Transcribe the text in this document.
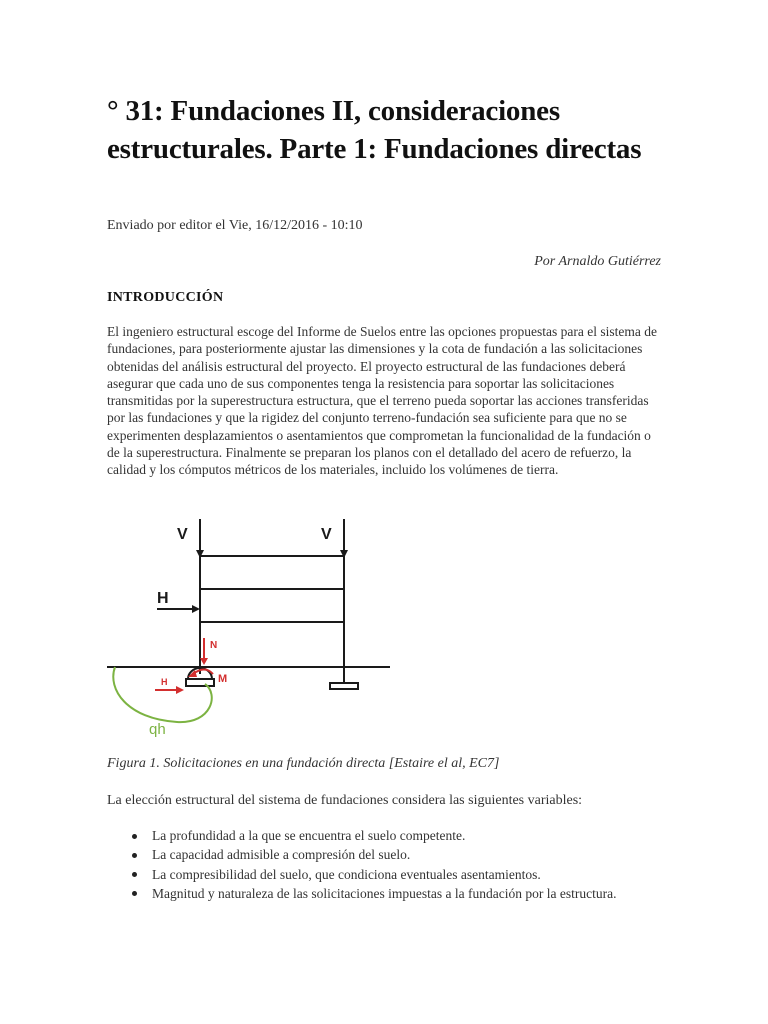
° 31: Fundaciones II, consideraciones estructurales. Parte 1: Fundaciones directas

Enviado por editor el Vie, 16/12/2016 - 10:10

Por Arnaldo Gutiérrez

INTRODUCCIÓN

El ingeniero estructural escoge del Informe de Suelos entre las opciones propuestas para el sistema de fundaciones, para posteriormente ajustar las dimensiones y la cota de fundación a las solicitaciones obtenidas del análisis estructural del proyecto. El proyecto estructural de las fundaciones deberá asegurar que cada uno de sus componentes tenga la resistencia para soportar las solicitaciones transmitidas por la superestructura estructura, que el terreno pueda soportar las acciones transferidas por las fundaciones y que la rigidez del conjunto terreno-fundación sea suficiente para que no se experimenten desplazamientos o asentamientos que comprometan la funcionalidad de la fundación o de la superestructura. Finalmente se preparan los planos con el detallado del acero de refuerzo, la calidad y los cómputos métricos de los materiales, incluido los volúmenes de tierra.

V	V
H
N
H	M
qh

Figura 1. Solicitaciones en una fundación directa [Estaire el al, EC7]

La elección estructural del sistema de fundaciones considera las siguientes variables:

La profundidad a la que se encuentra el suelo competente.
La capacidad admisible a compresión del suelo.
La compresibilidad del suelo, que condiciona eventuales asentamientos.
Magnitud y naturaleza de las solicitaciones impuestas a la fundación por la estructura.
